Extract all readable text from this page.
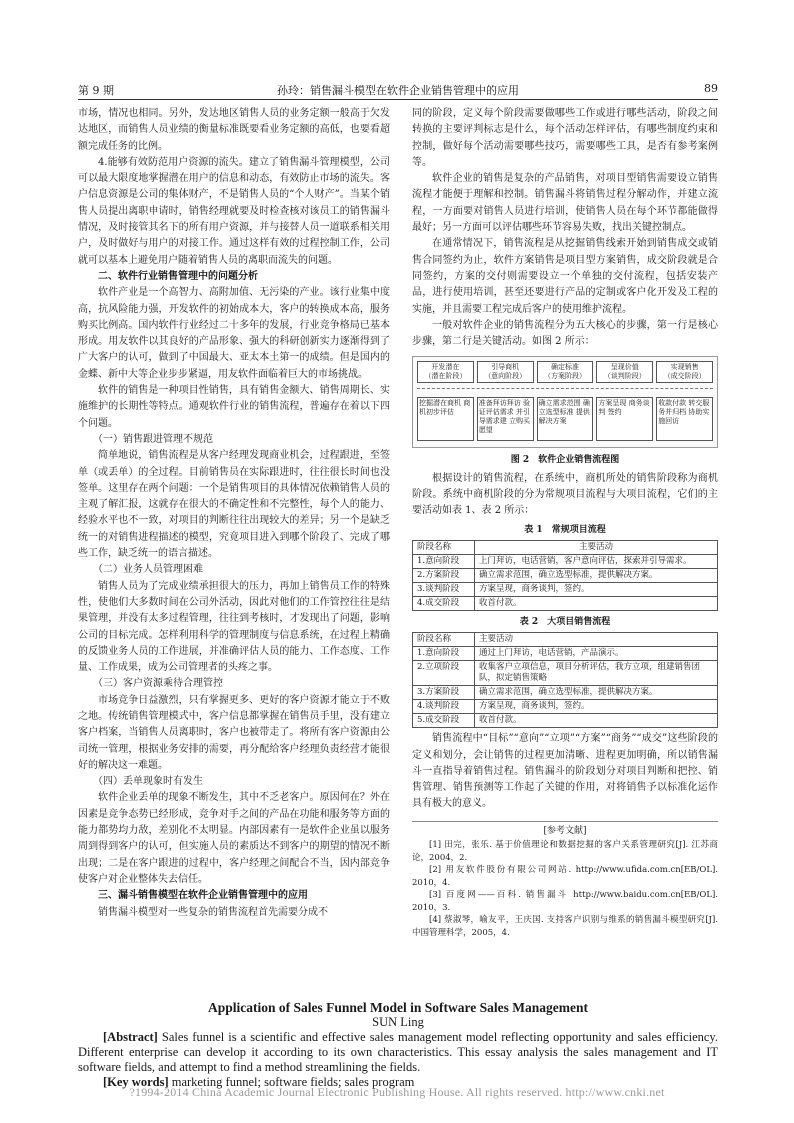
第 9 期	孙玲：销售漏斗模型在软件企业销售管理中的应用	89

市场，情况也相同。另外，发达地区销售人员的业务定额一般高于欠发达地区，而销售人员业绩的衡量标准既要看业务定额的高低，也要看超额完成任务的比例。

4.能够有效防范用户资源的流失。建立了销售漏斗管理模型，公司可以最大限度地掌握潜在用户的信息和动态，有效防止市场的流失。客户信息资源是公司的集体财产，不是销售人员的“个人财产”。当某个销售人员提出离职申请时，销售经理就要及时检查核对该员工的销售漏斗情况，及时接管其名下的所有用户资源，并与接替人员一道联系相关用户，及时做好与用户的对接工作。通过这样有效的过程控制工作，公司就可以基本上避免用户随着销售人员的离职而流失的问题。

二、软件行业销售管理中的问题分析

软件产业是一个高智力、高附加值、无污染的产业。该行业集中度高，抗风险能力强，开发软件的初始成本大，客户的转换成本高，服务购买比例高。国内软件行业经过二十多年的发展，行业竞争格局已基本形成。用友软件以其良好的产品形象、强大的科研创新实力逐渐得到了广大客户的认可，做到了中国最大、亚太本土第一的成绩。但是国内的金蝶、新中大等企业步步紧逼，用友软件面临着巨大的市场挑战。

软件的销售是一种项目性销售，具有销售金额大、销售周期长、实施维护的长期性等特点。通观软件行业的销售流程，普遍存在着以下四个问题。

（一）销售跟进管理不规范

简单地说，销售流程是从客户经理发现商业机会，过程跟进，至签单（或丢单）的全过程。目前销售员在实际跟进时，往往很长时间也没签单。这里存在两个问题：一个是销售项目的具体情况依赖销售人员的主观了解汇报，这就存在很大的不确定性和不完整性，每个人的能力、经验水平也不一致，对项目的判断往往出现较大的差异；另一个是缺乏统一的对销售进程描述的模型，究竟项目进入到哪个阶段了、完成了哪些工作，缺乏统一的语言描述。

（二）业务人员管理困难

销售人员为了完成业绩承担很大的压力，再加上销售员工作的特殊性，使他们大多数时间在公司外活动，因此对他们的工作管控往往是结果管理，并没有太多过程管理，往往到考核时，才发现出了问题，影响公司的目标完成。怎样利用科学的管理制度与信息系统，在过程上精确的反馈业务人员的工作进展，并准确评估人员的能力、工作态度、工作量、工作成果，成为公司管理者的头疼之事。

（三）客户资源乘待合理管控

市场竞争日益激烈，只有掌握更多、更好的客户资源才能立于不败之地。传统销售管理模式中，客户信息都掌握在销售员手里，没有建立客户档案，当销售人员离职时，客户也被带走了。将所有客户资源由公司统一管理，根据业务安排的需要，再分配给客户经理负责经营才能很好的解决这一难题。

（四）丢单现象时有发生

软件企业丢单的现象不断发生，其中不乏老客户。原因何在？外在因素是竞争态势已经形成，竞争对手之间的产品在功能和服务等方面的能力都势均力敌，差别化不太明显。内部因素有一是软件企业虽以服务周到得到客户的认可，但实施人员的素质达不到客户的期望的情况不断出现；二是在客户跟进的过程中，客户经理之间配合不当，因内部竞争使客户对企业整体失去信任。

三、漏斗销售模型在软件企业销售管理中的应用

销售漏斗模型对一些复杂的销售流程首先需要分成不

同的阶段，定义每个阶段需要做哪些工作或进行哪些活动，阶段之间转换的主要评判标志是什么，每个活动怎样评估，有哪些制度约束和控制，做好每个活动需要哪些技巧，需要哪些工具，是否有参考案例等。

软件企业的销售是复杂的产品销售，对项目型销售需要设立销售流程才能便于理解和控制。销售漏斗将销售过程分解动作，并建立流程，一方面要对销售人员进行培训，使销售人员在每个环节都能做得最好；另一方面可以评估哪些环节容易失败，找出关键控制点。

在通常情况下，销售流程是从挖掘销售线索开始到销售成交或销售合同签约为止，软件方案销售是项目型方案销售，成交阶段就是合同签约，方案的交付则需要设立一个单独的交付流程，包括安装产品，进行使用培训，甚至还要进行产品的定制或客户化开发及工程的实施，并且需要工程完成后客户的使用维护流程。

一般对软件企业的销售流程分为五大核心的步骤，第一行是核心步骤，第二行是关键活动。如图 2 所示：

开发潜在
（潜在阶段）
引导商机
（意向阶段）
确定标准
（方案阶段）
呈现价值
（谈判阶段）
实现销售
（成交阶段）
挖掘潜在商机 商机初步评估
准备拜访拜访 验证评估需求 并引导需求建 立购买愿望
确立需求范围 确立选型标准 提供解决方案
方案呈现 商务谈判 签约
收款付款 转交服务并归档 协助实施回访
图 2　软件企业销售流程图

根据设计的销售流程，在系统中，商机所处的销售阶段称为商机阶段。系统中商机阶段的分为常规项目流程与大项目流程，它们的主要活动如表 1、表 2 所示：

表 1　常规项目流程
阶段名称	主要活动
1.意向阶段	上门拜访，电话营销，客户意向评估，探索并引导需求。
2.方案阶段	确立需求范围，确立选型标准，提供解决方案。
3.谈判阶段	方案呈现，商务谈判，签约。
4.成交阶段	收首付款。
表 2　大项目销售流程
阶段名称	主要活动
1.意向阶段	通过上门拜访，电话营销，产品演示。
2.立项阶段	收集客户立项信息，项目分析评估，我方立项，组建销售团队，拟定销售策略
3.方案阶段	确立需求范围，确立选型标准，提供解决方案。
4.谈判阶段	方案呈现，商务谈判，签约。
5.成交阶段	收首付款。

销售流程中“目标”“意向”“立项”“方案”“商务”“成交”这些阶段的定义和划分，会让销售的过程更加清晰、进程更加明确，所以销售漏斗一直指导着销售过程。销售漏斗的阶段划分对项目判断和把控、销售管理、销售预测等工作起了关键的作用，对将销售予以标准化运作具有极大的意义。

[参考文献]

[1] 田完，张乐. 基于价值理论和数据挖掘的客户关系管理研究[J]. 江苏商论，2004，2.

[2] 用友软件股份有限公司网站. http://www.ufida.com.cn[EB/OL]. 2010，4.

[3] 百度网——百科. 销售漏斗 http://www.baidu.com.cn[EB/OL]. 2010，3.

[4] 蔡淑琴，喻友平，王庆国. 支持客户识别与维系的销售漏斗模型研究[J]. 中国管理科学，2005，4.

Application of Sales Funnel Model in Software Sales Management
SUN Ling

[Abstract] Sales funnel is a scientific and effective sales management model reflecting opportunity and sales efficiency. Different enterprise can develop it according to its own characteristics. This essay analysis the sales management and IT software fields, and attempt to find a method streamlining the fields.

[Key words] marketing funnel; software fields; sales program

?1994-2014 China Academic Journal Electronic Publishing House. All rights reserved. http://www.cnki.net
